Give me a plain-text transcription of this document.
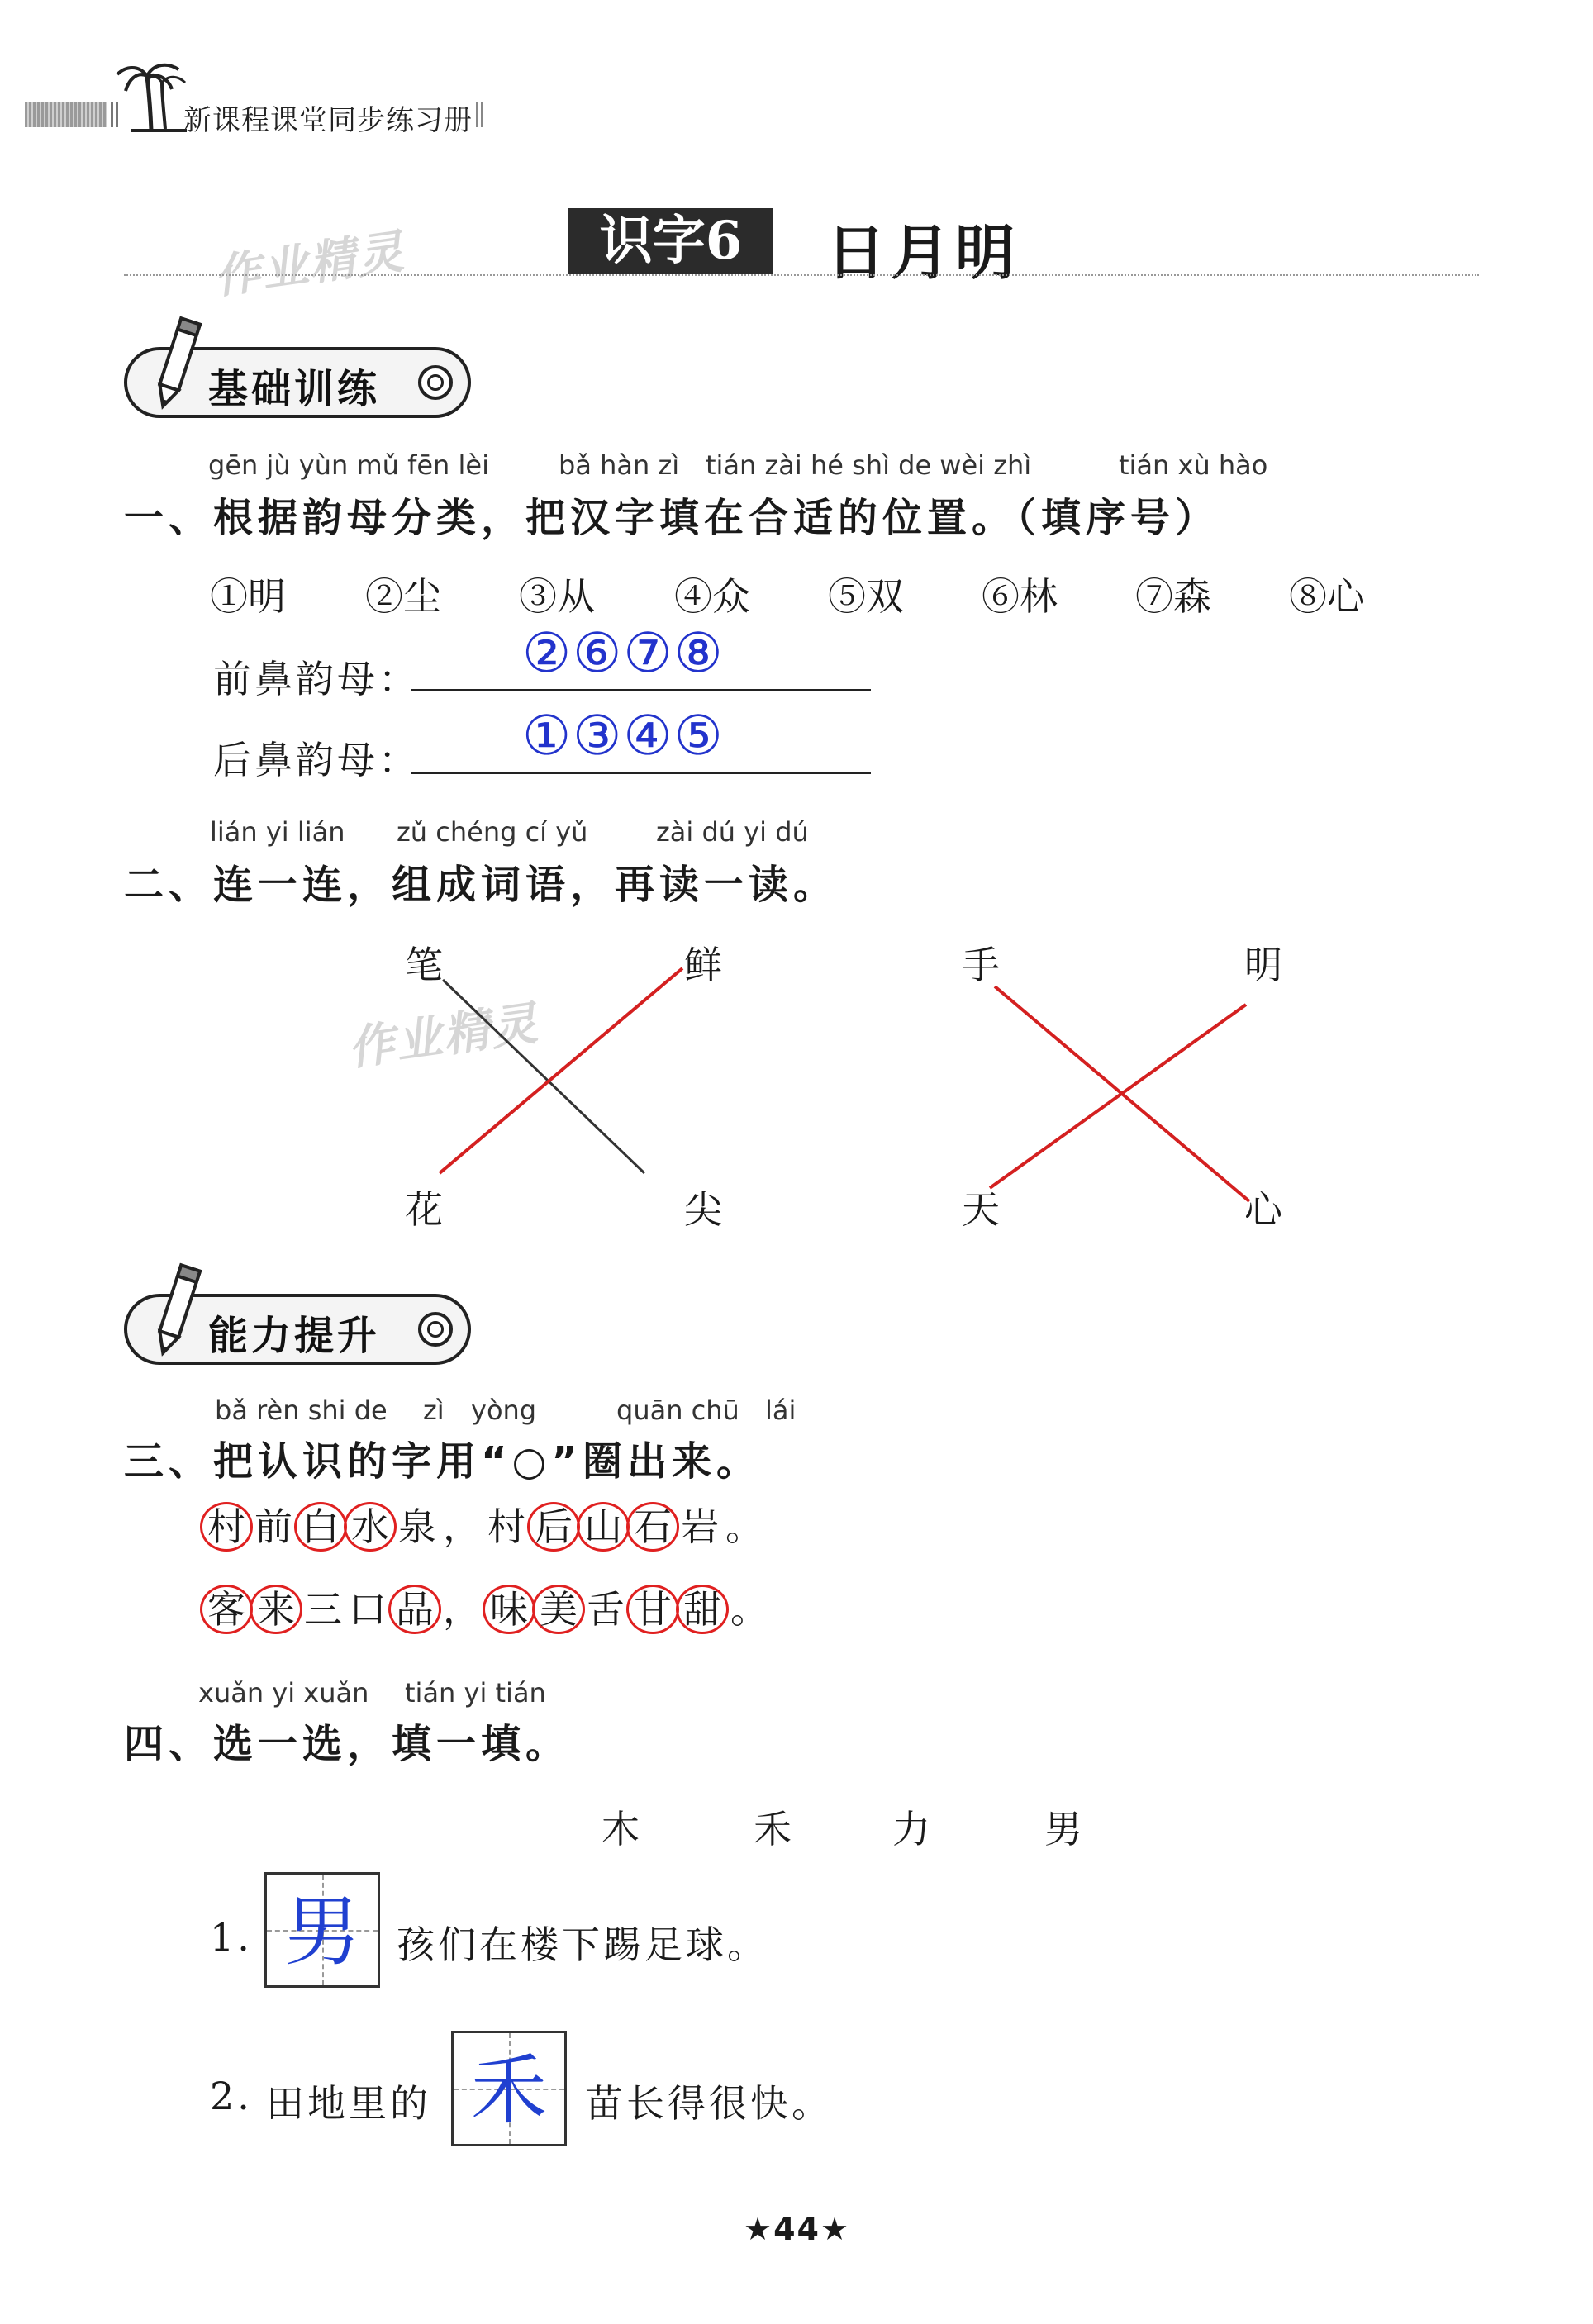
新课程课堂同步练习册
作业精灵	识字6	日月明
基础训练
gēn jù yùn mǔ fēn lèi	bǎ hàn zì tián zài hé shì de wèi zhì	tián xù hào
一、根据韵母分类，把汉字填在合适的位置。（填序号）
①明 ②尘 ③从 ④众 ⑤双 ⑥林 ⑦森 ⑧心
前鼻韵母： ②⑥⑦⑧
后鼻韵母： ①③④⑤
lián yi lián zǔ chéng cí yǔ	zài dú yi dú
二、连一连，组成词语，再读一读。
作业精灵
笔	鲜
花	尖
手	明
天	心
能力提升
bǎ rèn shi de zì yòng	quān chū lái
三、把认识的字用“○”圈出来。
村 前 白 水 泉 ， 村 后 山 石 岩 。
客 来 三 口 品 ， 味 美 舌 甘 甜 。
xuǎn yi xuǎn tián yi tián
四、选一选，填一填。
木	禾	力	男
1. 男 孩们在楼下踢足球。
2. 田地里的 禾	苗长得很快。
★44★
